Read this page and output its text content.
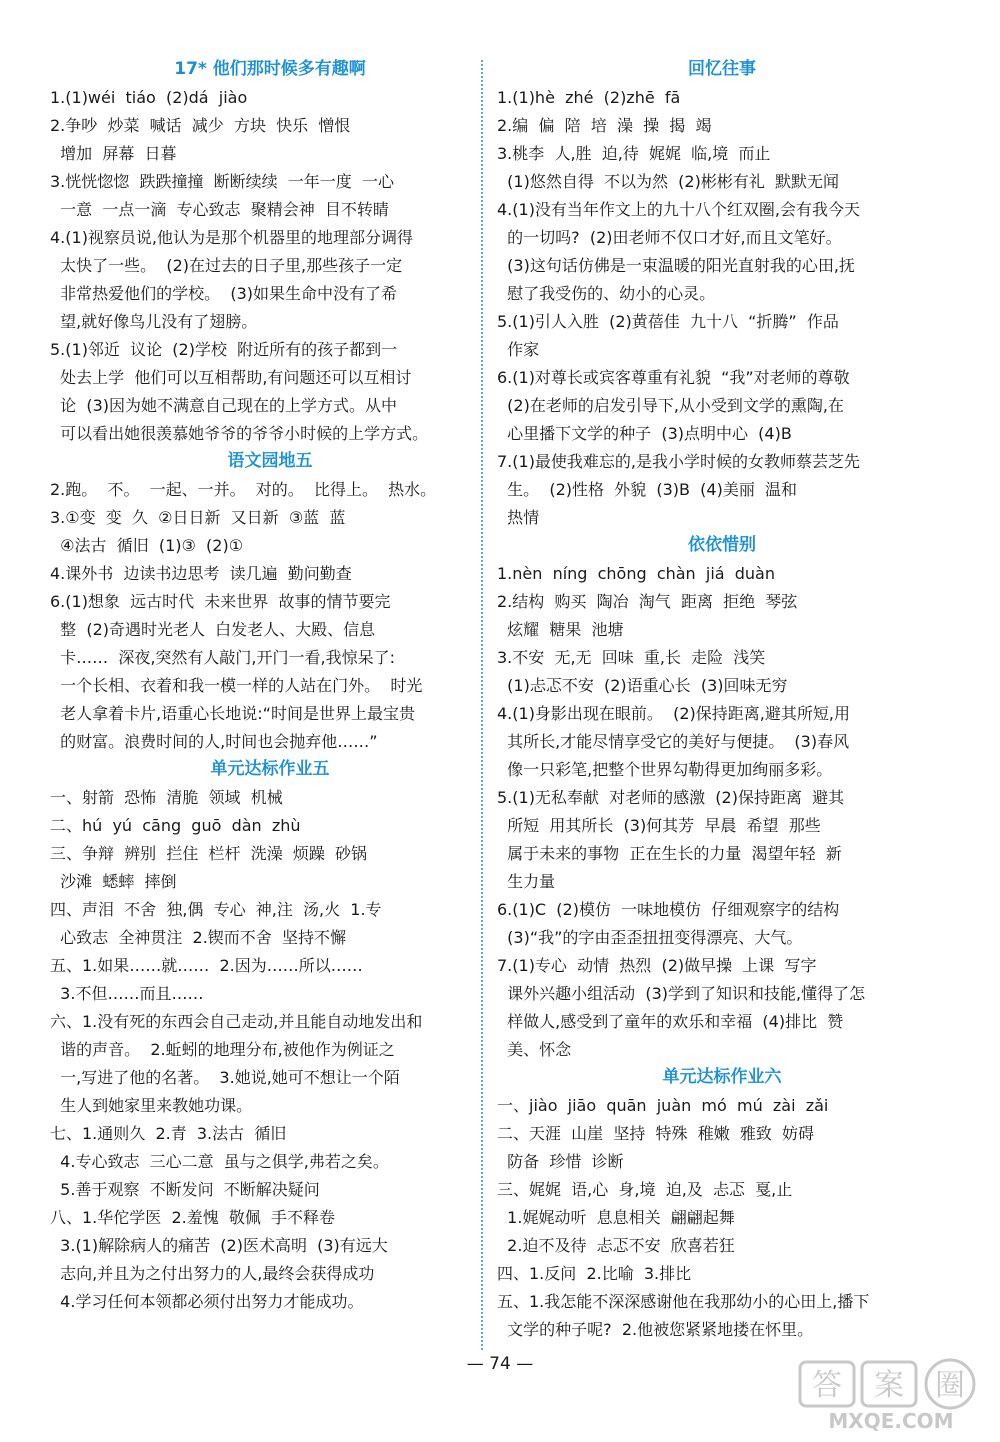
17* 他们那时候多有趣啊
1.(1)wéi  tiáo  (2)dá  jiào
2.争吵  炒菜  喊话  减少  方块  快乐  憎恨
增加  屏幕  日暮
3.恍恍惚惚  跌跌撞撞  断断续续  一年一度  一心
一意  一点一滴  专心致志  聚精会神  目不转睛
4.(1)视察员说,他认为是那个机器里的地理部分调得
太快了一些。  (2)在过去的日子里,那些孩子一定
非常热爱他们的学校。  (3)如果生命中没有了希
望,就好像鸟儿没有了翅膀。
5.(1)邻近  议论  (2)学校  附近所有的孩子都到一
处去上学  他们可以互相帮助,有问题还可以互相讨
论  (3)因为她不满意自己现在的上学方式。从中
可以看出她很羡慕她爷爷的爷爷小时候的上学方式。
语文园地五
2.跑。  不。  一起、一并。  对的。  比得上。  热水。
3.①变  变  久  ②日日新  又日新  ③蓝  蓝
④法古  循旧  (1)③  (2)①
4.课外书  边读书边思考  读几遍  勤问勤查
6.(1)想象  远古时代  未来世界  故事的情节要完
整  (2)奇遇时光老人  白发老人、大殿、信息
卡……  深夜,突然有人敲门,开门一看,我惊呆了:
一个长相、衣着和我一模一样的人站在门外。  时光
老人拿着卡片,语重心长地说:“时间是世界上最宝贵
的财富。浪费时间的人,时间也会抛弃他……”
单元达标作业五
一、射箭  恐怖  清脆  领域  机械
二、hú  yú  cāng  guō  dàn  zhù
三、争辩  辨别  拦住  栏杆  洗澡  烦躁  砂锅
沙滩  蟋蟀  摔倒
四、声泪  不舍  独,偶  专心  神,注  汤,火  1.专
心致志  全神贯注  2.锲而不舍  坚持不懈
五、1.如果……就……  2.因为……所以……
3.不但……而且……
六、1.没有死的东西会自己走动,并且能自动地发出和
谐的声音。  2.蚯蚓的地理分布,被他作为例证之
一,写进了他的名著。  3.她说,她可不想让一个陌
生人到她家里来教她功课。
七、1.通则久  2.青  3.法古  循旧
4.专心致志  三心二意  虽与之俱学,弗若之矣。
5.善于观察  不断发问  不断解决疑问
八、1.华佗学医  2.羞愧  敬佩  手不释卷
3.(1)解除病人的痛苦  (2)医术高明  (3)有远大
志向,并且为之付出努力的人,最终会获得成功
4.学习任何本领都必须付出努力才能成功。
回忆往事
1.(1)hè  zhé  (2)zhē  fā
2.编  偏  陪  培  澡  操  揭  竭
3.桃李  人,胜  迫,待  娓娓  临,境  而止
(1)悠然自得  不以为然  (2)彬彬有礼  默默无闻
4.(1)没有当年作文上的九十八个红双圈,会有我今天
的一切吗?  (2)田老师不仅口才好,而且文笔好。
(3)这句话仿佛是一束温暖的阳光直射我的心田,抚
慰了我受伤的、幼小的心灵。
5.(1)引人入胜  (2)黄蓓佳  九十八  “折腾”  作品
作家
6.(1)对尊长或宾客尊重有礼貌  “我”对老师的尊敬
(2)在老师的启发引导下,从小受到文学的熏陶,在
心里播下文学的种子  (3)点明中心  (4)B
7.(1)最使我难忘的,是我小学时候的女教师蔡芸芝先
生。  (2)性格  外貌  (3)B  (4)美丽  温和
热情
依依惜别
1.nèn  níng  chōng  chàn  jiá  duàn
2.结构  购买  陶冶  淘气  距离  拒绝  琴弦
炫耀  糖果  池塘
3.不安  无,无  回味  重,长  走险  浅笑
(1)忐忑不安  (2)语重心长  (3)回味无穷
4.(1)身影出现在眼前。  (2)保持距离,避其所短,用
其所长,才能尽情享受它的美好与便捷。  (3)春风
像一只彩笔,把整个世界勾勒得更加绚丽多彩。
5.(1)无私奉献  对老师的感激  (2)保持距离  避其
所短  用其所长  (3)何其芳  早晨  希望  那些
属于未来的事物  正在生长的力量  渴望年轻  新
生力量
6.(1)C  (2)模仿  一味地模仿  仔细观察字的结构
(3)“我”的字由歪歪扭扭变得漂亮、大气。
7.(1)专心  动情  热烈  (2)做早操  上课  写字
课外兴趣小组活动  (3)学到了知识和技能,懂得了怎
样做人,感受到了童年的欢乐和幸福  (4)排比  赞
美、怀念
单元达标作业六
一、jiào  jiāo  quān  juàn  mó  mú  zài  zǎi
二、天涯  山崖  坚持  特殊  稚嫩  雅致  妨碍
防备  珍惜  诊断
三、娓娓  语,心  身,境  迫,及  忐忑  戛,止
1.娓娓动听  息息相关  翩翩起舞
2.迫不及待  忐忑不安  欣喜若狂
四、1.反问  2.比喻  3.排比
五、1.我怎能不深深感谢他在我那幼小的心田上,播下
文学的种子呢?  2.他被您紧紧地搂在怀里。
— 74 —
答 案 圈
MXQE.COM
